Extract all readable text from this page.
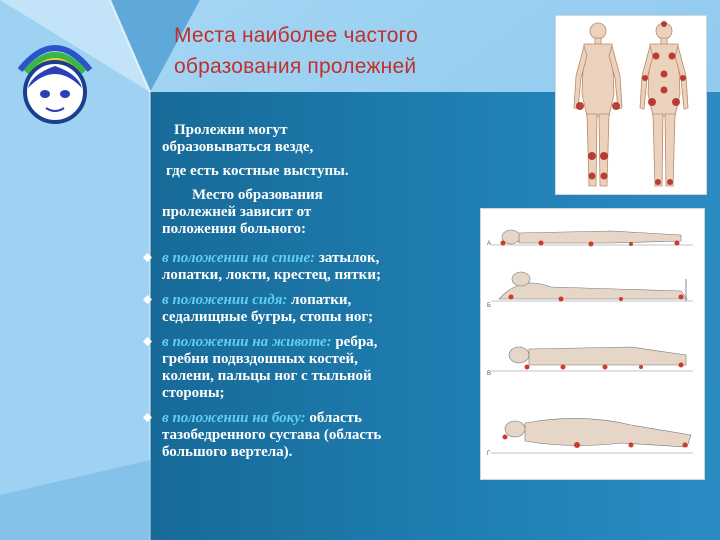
Места наиболее частого
образования пролежней
А
Б
В
Г
Пролежни могут
образовываться везде,
где есть костные выступы.
Место образования
пролежней зависит от
положения больного:
в положении на спине: затылок,
лопатки, локти, крестец, пятки;
в положении сидя: лопатки,
седалищные бугры, стопы ног;
в положении на животе: ребра,
гребни подвздошных костей,
колени, пальцы ног с тыльной
стороны;
в положении на боку: область
тазобедренного сустава (область
большого вертела).
